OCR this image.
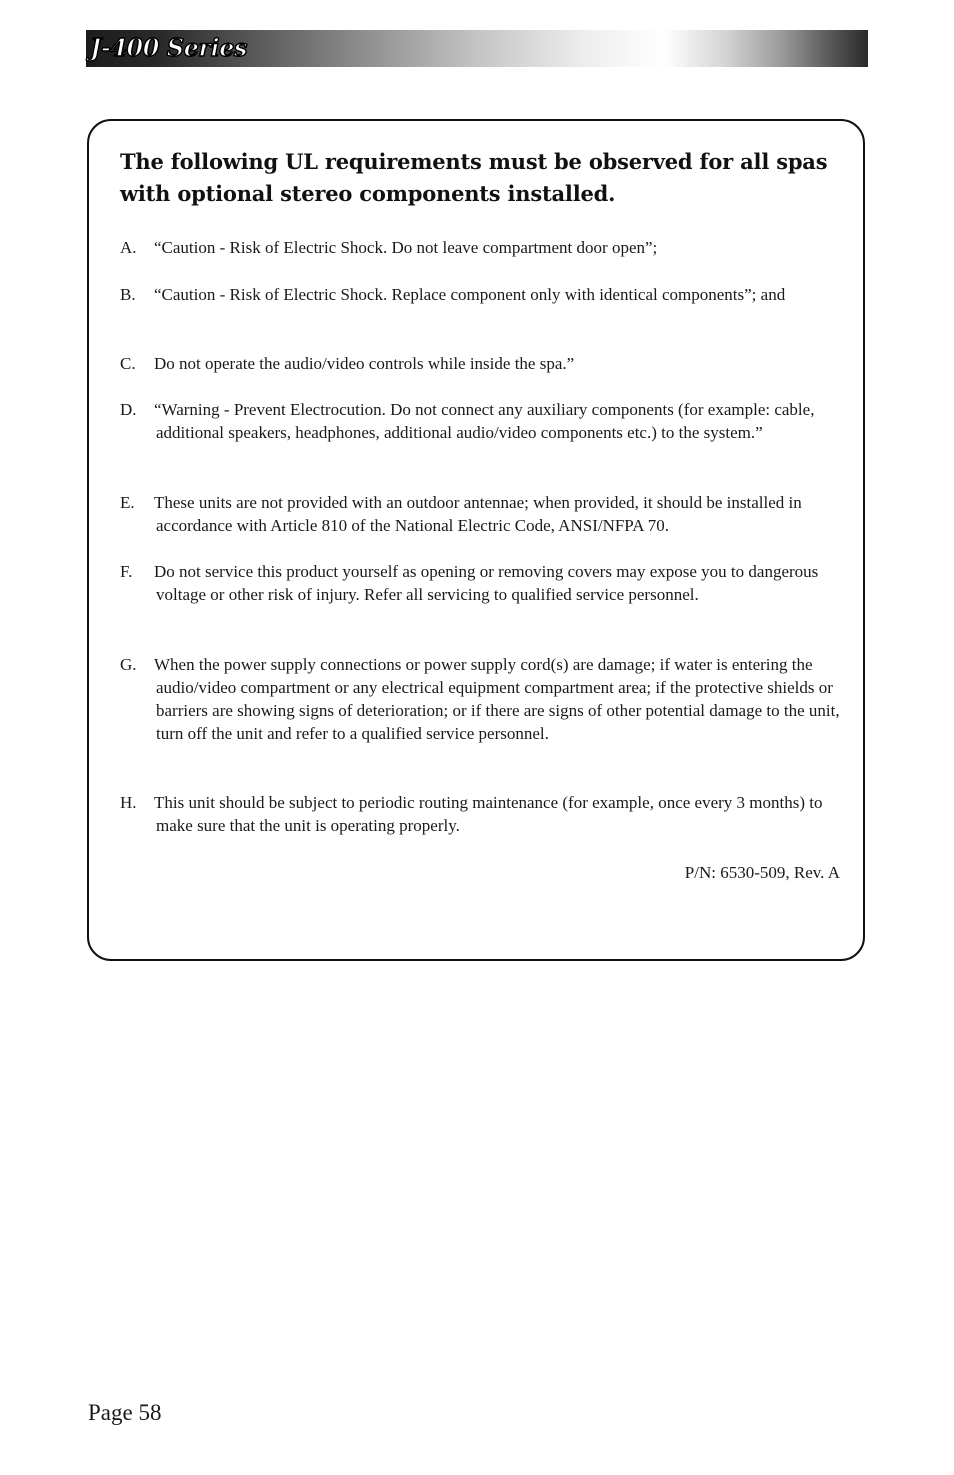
J-400 Series
The following UL requirements must be observed for all spas with optional stereo components installed.
A.	“Caution - Risk of Electric Shock. Do not leave compartment door open”;
B.	“Caution - Risk of Electric Shock. Replace component only with identical components”; and
C.	Do not operate the audio/video controls while inside the spa.”
D.	“Warning - Prevent Electrocution. Do not connect any auxiliary components (for example: cable, additional speakers, headphones, additional audio/video components etc.) to the system.”
E.	These units are not provided with an outdoor antennae; when provided, it should be installed in accordance with Article 810 of the National Electric Code, ANSI/NFPA 70.
F.	Do not service this product yourself as opening or removing covers may expose you to dangerous voltage or other risk of injury. Refer all servicing to qualified service personnel.
G.	When the power supply connections or power supply cord(s) are damage; if water is entering the audio/video compartment or any electrical equipment compartment area; if the protective shields or barriers are showing signs of deterioration; or if there are signs of other potential damage to the unit, turn off the unit and refer to a qualified service personnel.
H.	This unit should be subject to periodic routing maintenance (for example, once every 3 months) to make sure that the unit is operating properly.
P/N: 6530-509, Rev. A
Page 58
